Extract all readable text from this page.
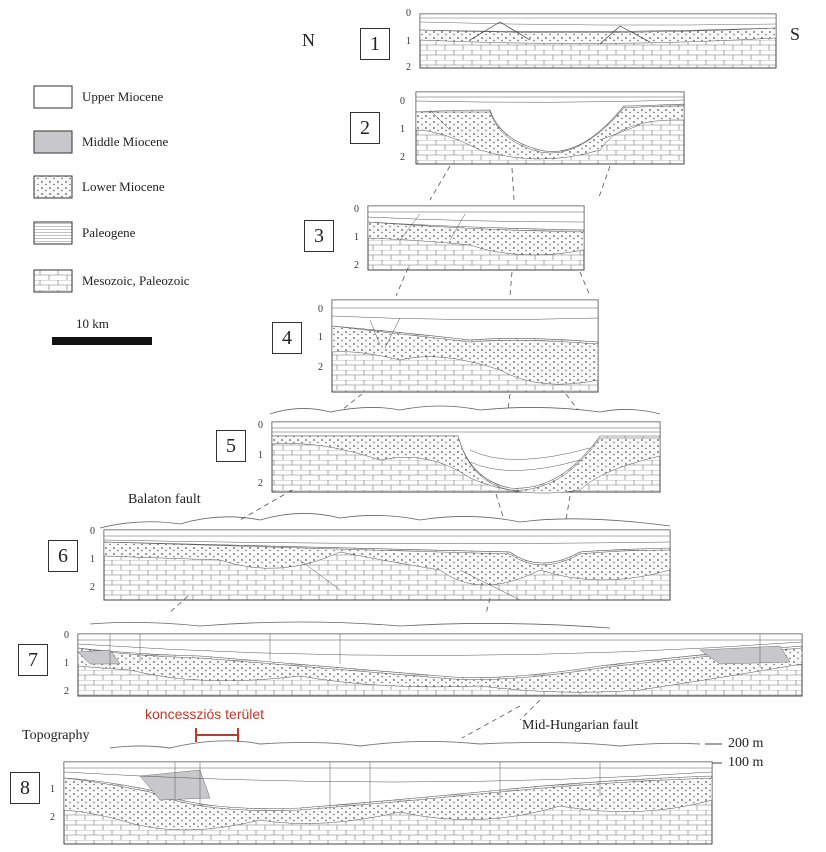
N	S
Upper Miocene
Middle Miocene
Lower Miocene
Paleogene
Mesozoic, Paleozoic
10 km
1
2
3
4
5
6
7
8
0
1
2
0
1
2
0
1
2
0
1
2
0
1
2
0
1
2
0
1
2
1
2
Balaton fault
Mid-Hungarian fault
Topography
koncessziós terület
200 m
100 m
